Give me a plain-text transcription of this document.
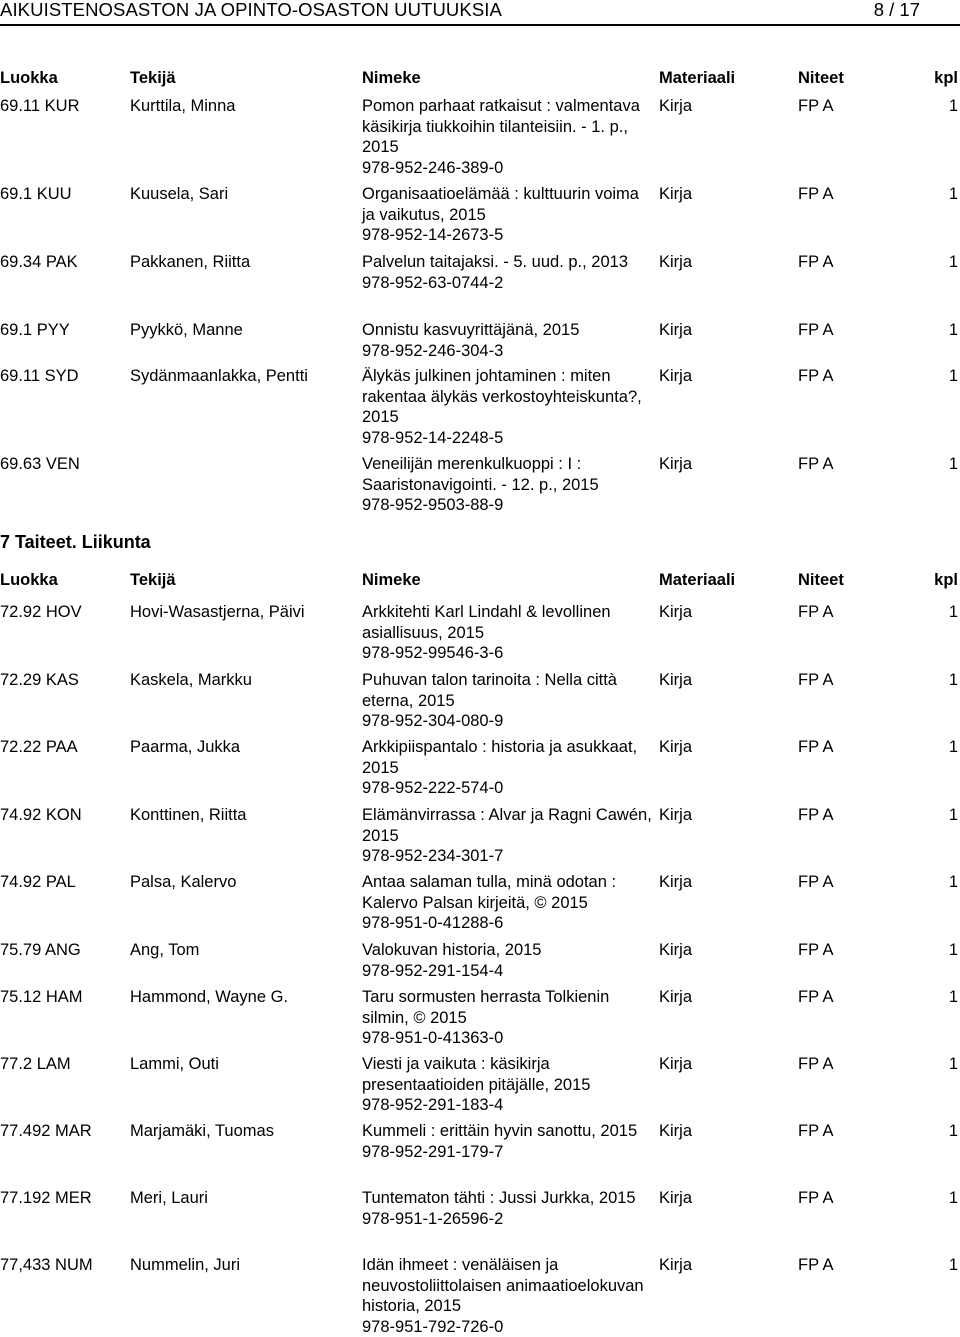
AIKUISTENOSASTON JA OPINTO-OSASTON UUTUUKSIA	8 / 17
Luokka	Tekijä	Nimeke	Materiaali	Niteet	kpl
69.11 KUR	Kurttila, Minna	Pomon parhaat ratkaisut : valmentava käsikirja tiukkoihin tilanteisiin. - 1. p., 2015
978-952-246-389-0
Kirja	FP A	1
69.1 KUU	Kuusela, Sari	Organisaatioelämää : kulttuurin voima ja vaikutus, 2015
978-952-14-2673-5
Kirja	FP A	1
69.34 PAK	Pakkanen, Riitta	Palvelun taitajaksi. - 5. uud. p., 2013
978-952-63-0744-2
Kirja	FP A	1
69.1 PYY	Pyykkö, Manne	Onnistu kasvuyrittäjänä, 2015
978-952-246-304-3
Kirja	FP A	1
69.11 SYD	Sydänmaanlakka, Pentti	Älykäs julkinen johtaminen : miten rakentaa älykäs verkostoyhteiskunta?, 2015
978-952-14-2248-5
Kirja	FP A	1
69.63 VEN	Veneilijän merenkulkuoppi : I : Saaristonavigointi. - 12. p., 2015
978-952-9503-88-9
Kirja	FP A	1
7 Taiteet. Liikunta
Luokka	Tekijä	Nimeke	Materiaali	Niteet	kpl
72.92 HOV	Hovi-Wasastjerna, Päivi	Arkkitehti Karl Lindahl & levollinen asiallisuus, 2015
978-952-99546-3-6
Kirja	FP A	1
72.29 KAS	Kaskela, Markku	Puhuvan talon tarinoita : Nella città eterna, 2015
978-952-304-080-9
Kirja	FP A	1
72.22 PAA	Paarma, Jukka	Arkkipiispantalo : historia ja asukkaat, 2015
978-952-222-574-0
Kirja	FP A	1
74.92 KON	Konttinen, Riitta	Elämänvirrassa : Alvar ja Ragni Cawén, 2015
978-952-234-301-7
Kirja	FP A	1
74.92 PAL	Palsa, Kalervo	Antaa salaman tulla, minä odotan : Kalervo Palsan kirjeitä, © 2015
978-951-0-41288-6
Kirja	FP A	1
75.79 ANG	Ang, Tom	Valokuvan historia, 2015
978-952-291-154-4
Kirja	FP A	1
75.12 HAM	Hammond, Wayne G.	Taru sormusten herrasta Tolkienin silmin, © 2015
978-951-0-41363-0
Kirja	FP A	1
77.2 LAM	Lammi, Outi	Viesti ja vaikuta : käsikirja presentaatioiden pitäjälle, 2015
978-952-291-183-4
Kirja	FP A	1
77.492 MAR Marjamäki, Tuomas	Kummeli : erittäin hyvin sanottu, 2015
978-952-291-179-7
Kirja	FP A	1
77.192 MER Meri, Lauri	Tuntematon tähti : Jussi Jurkka, 2015
978-951-1-26596-2
Kirja	FP A	1
77,433 NUM Nummelin, Juri	Idän ihmeet : venäläisen ja neuvostoliittolaisen animaatioelokuvan historia, 2015
978-951-792-726-0
Kirja	FP A	1
